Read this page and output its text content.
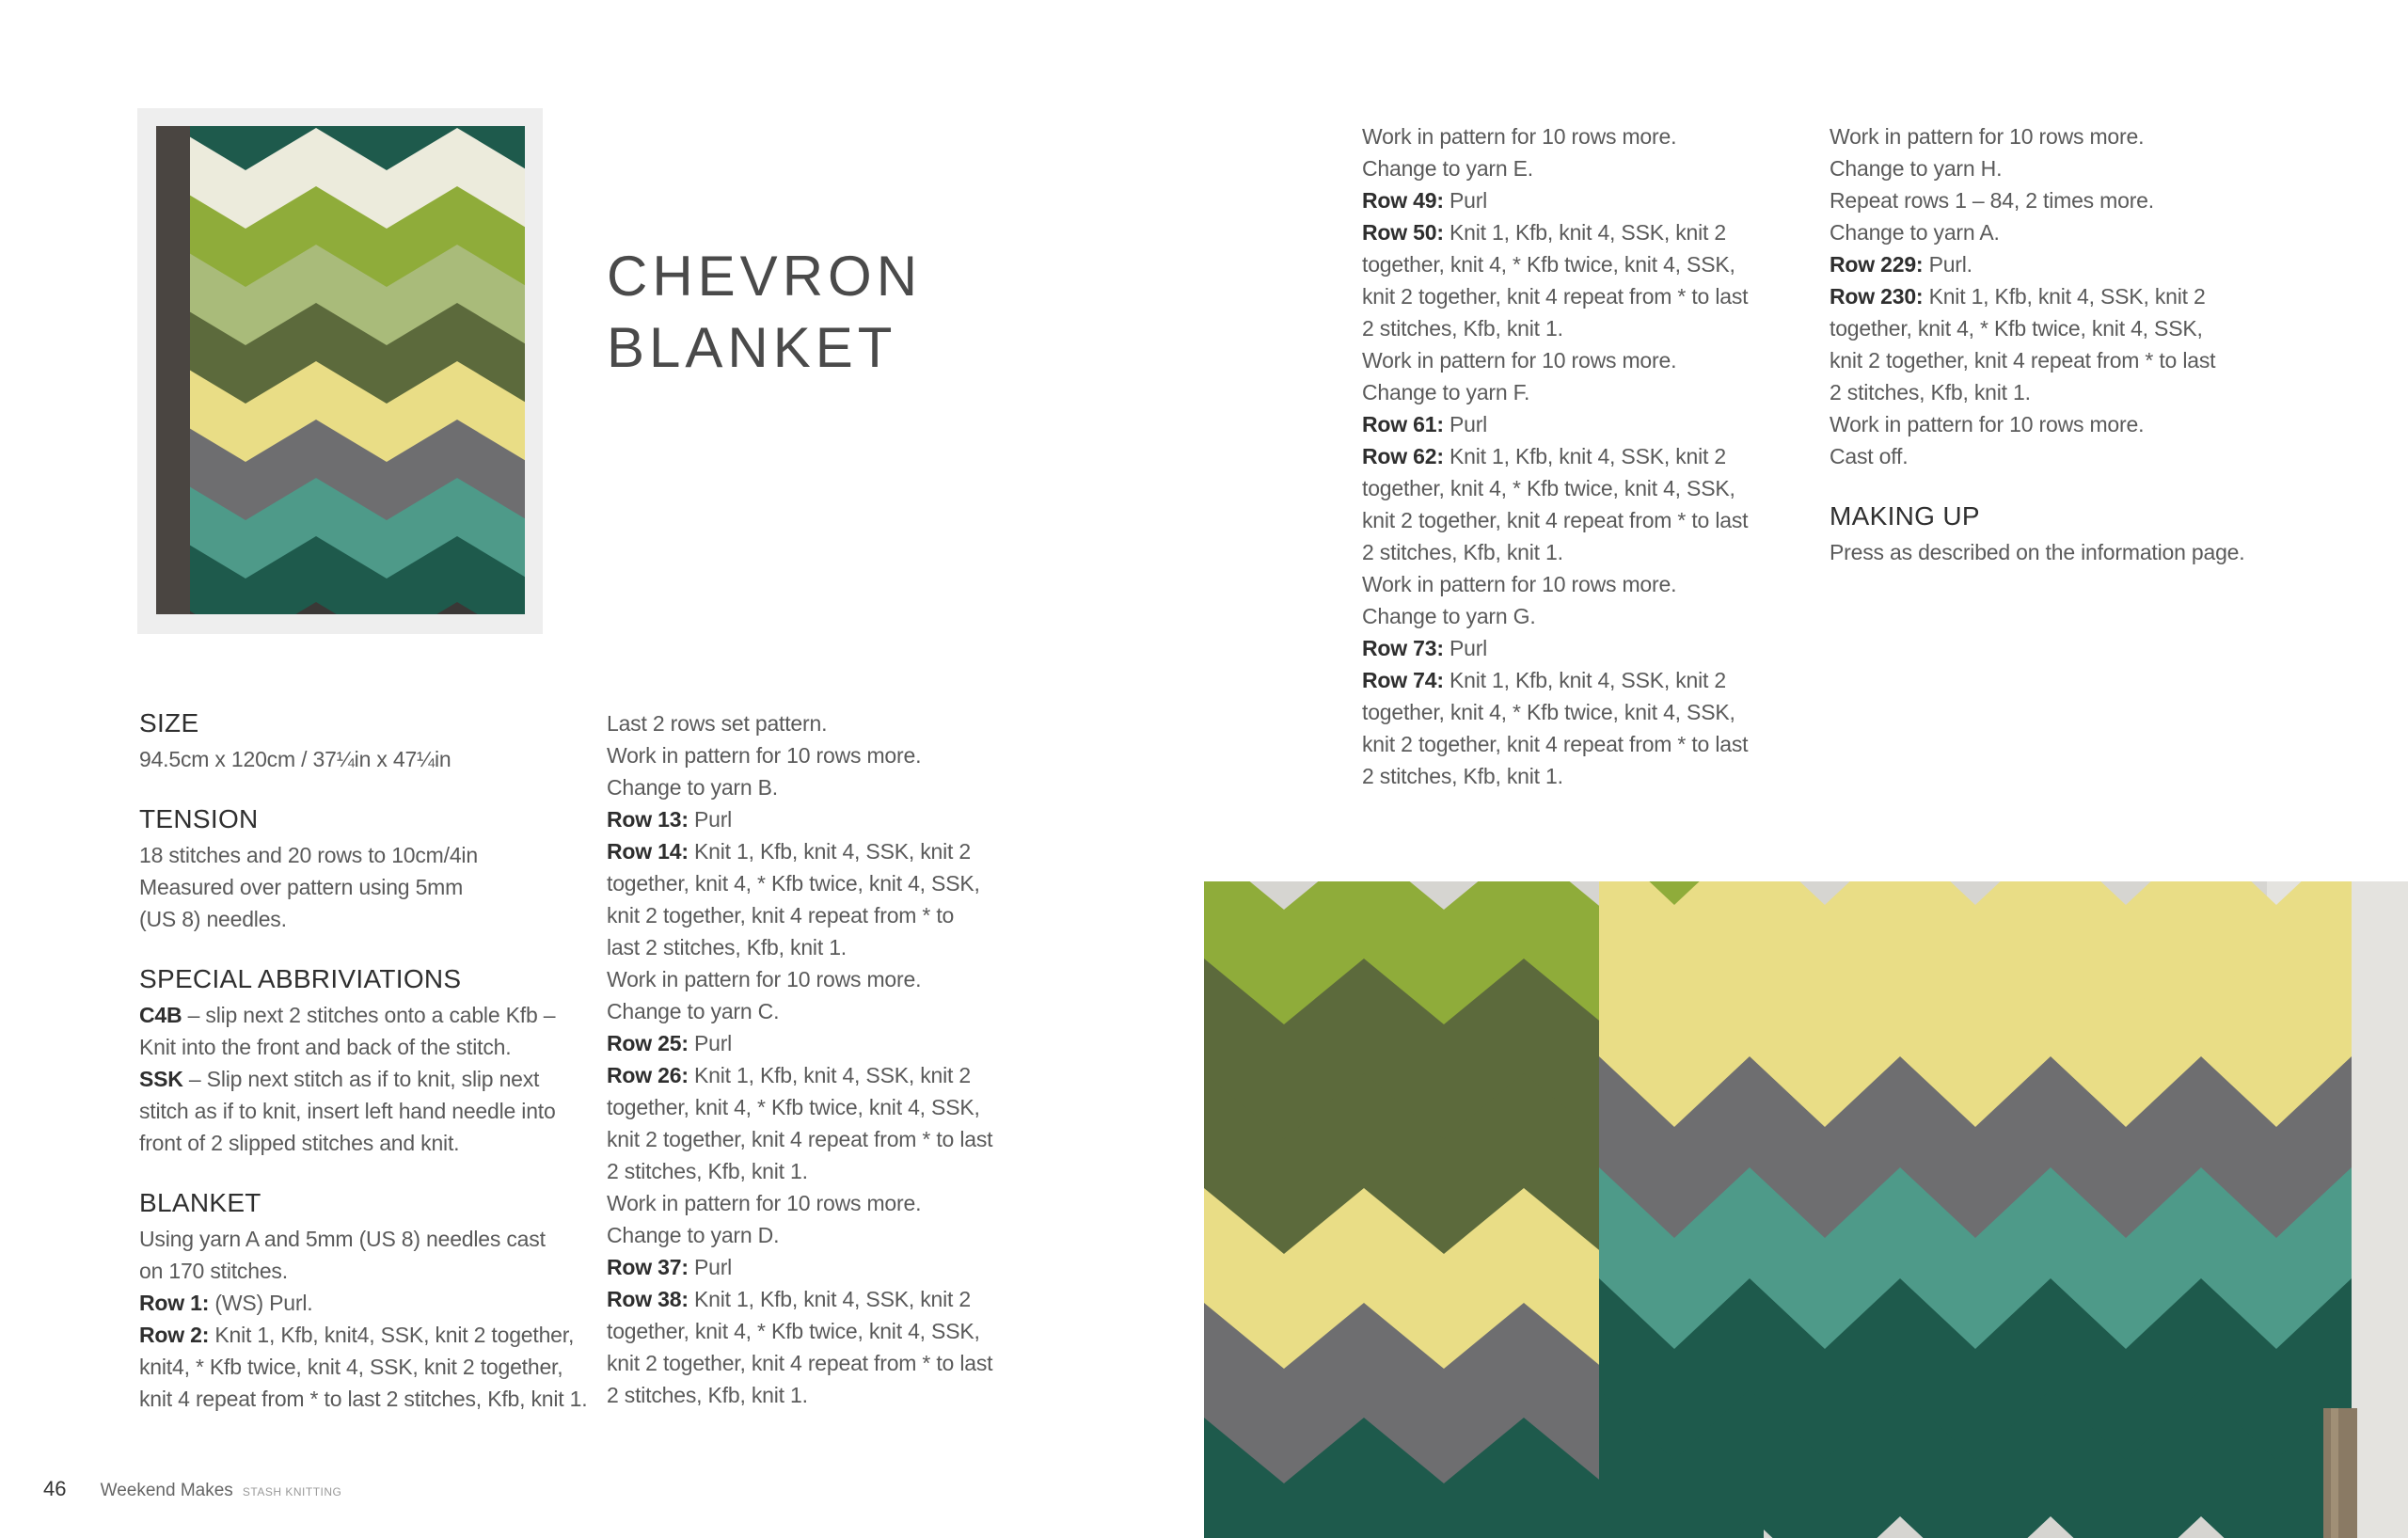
CHEVRON
BLANKET
SIZE
94.5cm x 120cm / 37¼in x 47¼in
TENSION
18 stitches and 20 rows to 10cm/4in
Measured over pattern using 5mm
(US 8) needles.
SPECIAL ABBRIVIATIONS
C4B – slip next 2 stitches onto a cable Kfb –
Knit into the front and back of the stitch.
SSK – Slip next stitch as if to knit, slip next
stitch as if to knit, insert left hand needle into
front of 2 slipped stitches and knit.
BLANKET
Using yarn A and 5mm (US 8) needles cast
on 170 stitches.
Row 1: (WS) Purl.
Row 2: Knit 1, Kfb, knit4, SSK, knit 2 together,
knit4, * Kfb twice, knit 4, SSK, knit 2 together,
knit 4 repeat from * to last 2 stitches, Kfb, knit 1.
Last 2 rows set pattern.
Work in pattern for 10 rows more.
Change to yarn B.
Row 13: Purl
Row 14: Knit 1, Kfb, knit 4, SSK, knit 2
together, knit 4, * Kfb twice, knit 4, SSK,
knit 2 together, knit 4 repeat from * to
last 2 stitches, Kfb, knit 1.
Work in pattern for 10 rows more.
Change to yarn C.
Row 25: Purl
Row 26: Knit 1, Kfb, knit 4, SSK, knit 2
together, knit 4, * Kfb twice, knit 4, SSK,
knit 2 together, knit 4 repeat from * to last
2 stitches, Kfb, knit 1.
Work in pattern for 10 rows more.
Change to yarn D.
Row 37: Purl
Row 38: Knit 1, Kfb, knit 4, SSK, knit 2
together, knit 4, * Kfb twice, knit 4, SSK,
knit 2 together, knit 4 repeat from * to last
2 stitches, Kfb, knit 1.
Work in pattern for 10 rows more.
Change to yarn E.
Row 49: Purl
Row 50: Knit 1, Kfb, knit 4, SSK, knit 2
together, knit 4, * Kfb twice, knit 4, SSK,
knit 2 together, knit 4 repeat from * to last
2 stitches, Kfb, knit 1.
Work in pattern for 10 rows more.
Change to yarn F.
Row 61: Purl
Row 62: Knit 1, Kfb, knit 4, SSK, knit 2
together, knit 4, * Kfb twice, knit 4, SSK,
knit 2 together, knit 4 repeat from * to last
2 stitches, Kfb, knit 1.
Work in pattern for 10 rows more.
Change to yarn G.
Row 73: Purl
Row 74: Knit 1, Kfb, knit 4, SSK, knit 2
together, knit 4, * Kfb twice, knit 4, SSK,
knit 2 together, knit 4 repeat from * to last
2 stitches, Kfb, knit 1.
Work in pattern for 10 rows more.
Change to yarn H.
Repeat rows 1 – 84, 2 times more.
Change to yarn A.
Row 229: Purl.
Row 230: Knit 1, Kfb, knit 4, SSK, knit 2
together, knit 4, * Kfb twice, knit 4, SSK,
knit 2 together, knit 4 repeat from * to last
2 stitches, Kfb, knit 1.
Work in pattern for 10 rows more.
Cast off.
MAKING UP
Press as described on the information page.
46 Weekend Makes STASH KNITTING
